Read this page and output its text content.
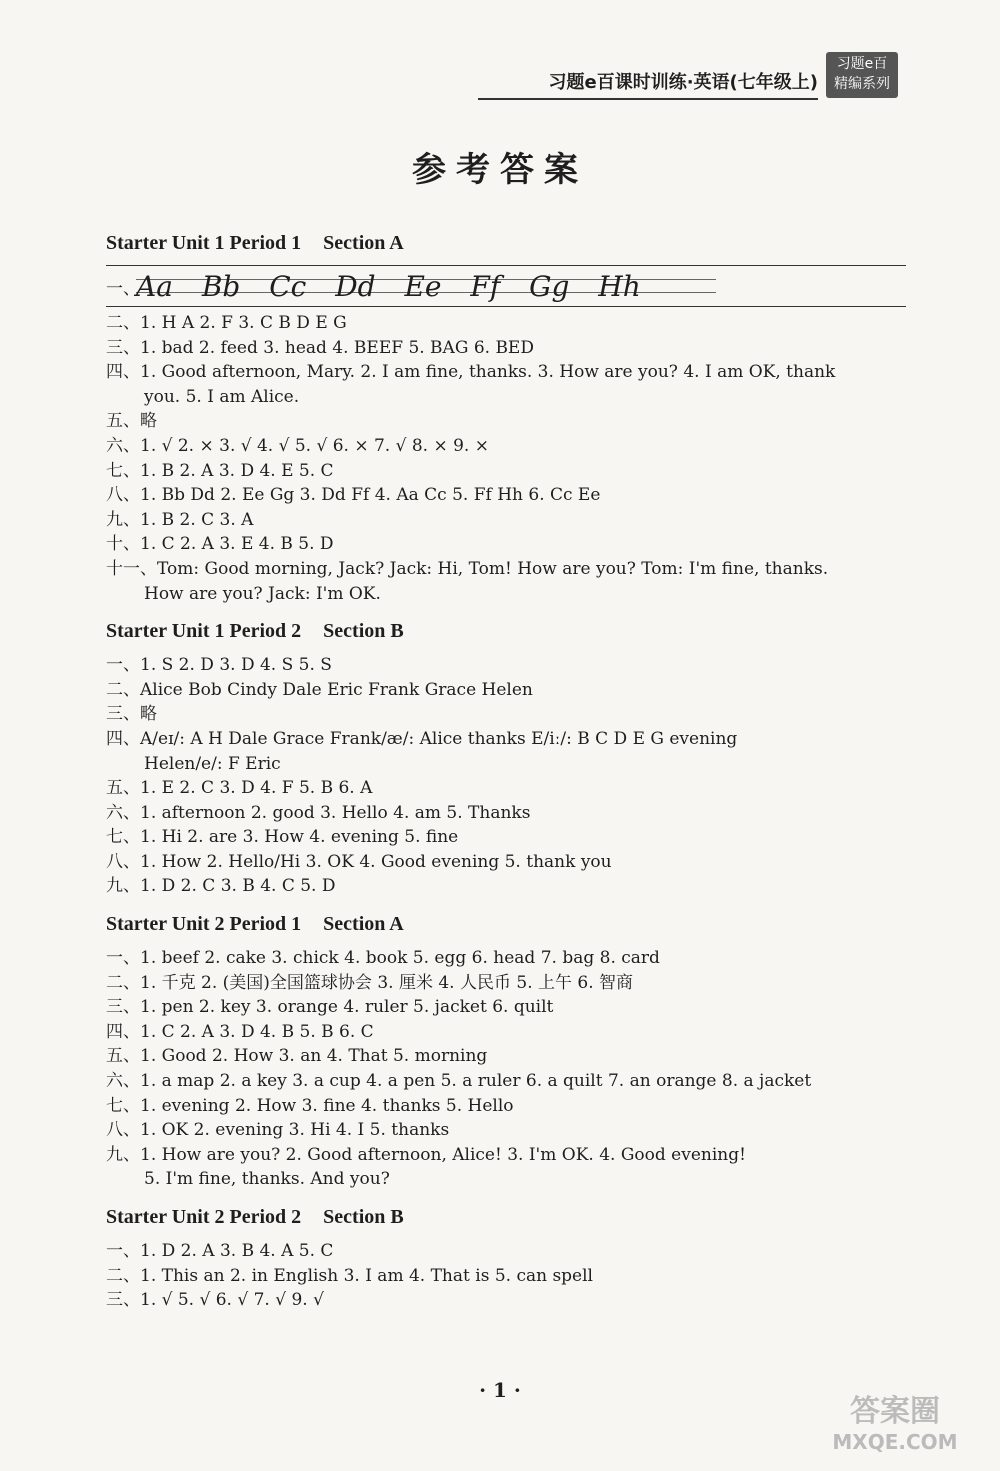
习题e百课时训练·英语(七年级上)
习题e百
精编系列
参考答案
Starter Unit 1 Period 1 Section A
一、
Aa Bb Cc Dd Ee Ff Gg Hh
二、1. H A 2. F 3. C B D E G
三、1. bad 2. feed 3. head 4. BEEF 5. BAG 6. BED
四、1. Good afternoon, Mary. 2. I am fine, thanks. 3. How are you? 4. I am OK, thank
you. 5. I am Alice.
五、略
六、1. √ 2. × 3. √ 4. √ 5. √ 6. × 7. √ 8. × 9. ×
七、1. B 2. A 3. D 4. E 5. C
八、1. Bb Dd 2. Ee Gg 3. Dd Ff 4. Aa Cc 5. Ff Hh 6. Cc Ee
九、1. B 2. C 3. A
十、1. C 2. A 3. E 4. B 5. D
十一、Tom: Good morning, Jack? Jack: Hi, Tom! How are you? Tom: I'm fine, thanks.
How are you? Jack: I'm OK.
Starter Unit 1 Period 2 Section B
一、1. S 2. D 3. D 4. S 5. S
二、Alice Bob Cindy Dale Eric Frank Grace Helen
三、略
四、A/eɪ/: A H Dale Grace Frank/æ/: Alice thanks E/iː/: B C D E G evening
Helen/e/: F Eric
五、1. E 2. C 3. D 4. F 5. B 6. A
六、1. afternoon 2. good 3. Hello 4. am 5. Thanks
七、1. Hi 2. are 3. How 4. evening 5. fine
八、1. How 2. Hello/Hi 3. OK 4. Good evening 5. thank you
九、1. D 2. C 3. B 4. C 5. D
Starter Unit 2 Period 1 Section A
一、1. beef 2. cake 3. chick 4. book 5. egg 6. head 7. bag 8. card
二、1. 千克 2. (美国)全国篮球协会 3. 厘米 4. 人民币 5. 上午 6. 智商
三、1. pen 2. key 3. orange 4. ruler 5. jacket 6. quilt
四、1. C 2. A 3. D 4. B 5. B 6. C
五、1. Good 2. How 3. an 4. That 5. morning
六、1. a map 2. a key 3. a cup 4. a pen 5. a ruler 6. a quilt 7. an orange 8. a jacket
七、1. evening 2. How 3. fine 4. thanks 5. Hello
八、1. OK 2. evening 3. Hi 4. I 5. thanks
九、1. How are you? 2. Good afternoon, Alice! 3. I'm OK. 4. Good evening!
5. I'm fine, thanks. And you?
Starter Unit 2 Period 2 Section B
一、1. D 2. A 3. B 4. A 5. C
二、1. This an 2. in English 3. I am 4. That is 5. can spell
三、1. √ 5. √ 6. √ 7. √ 9. √
· 1 ·
答案圈
MXQE.COM
